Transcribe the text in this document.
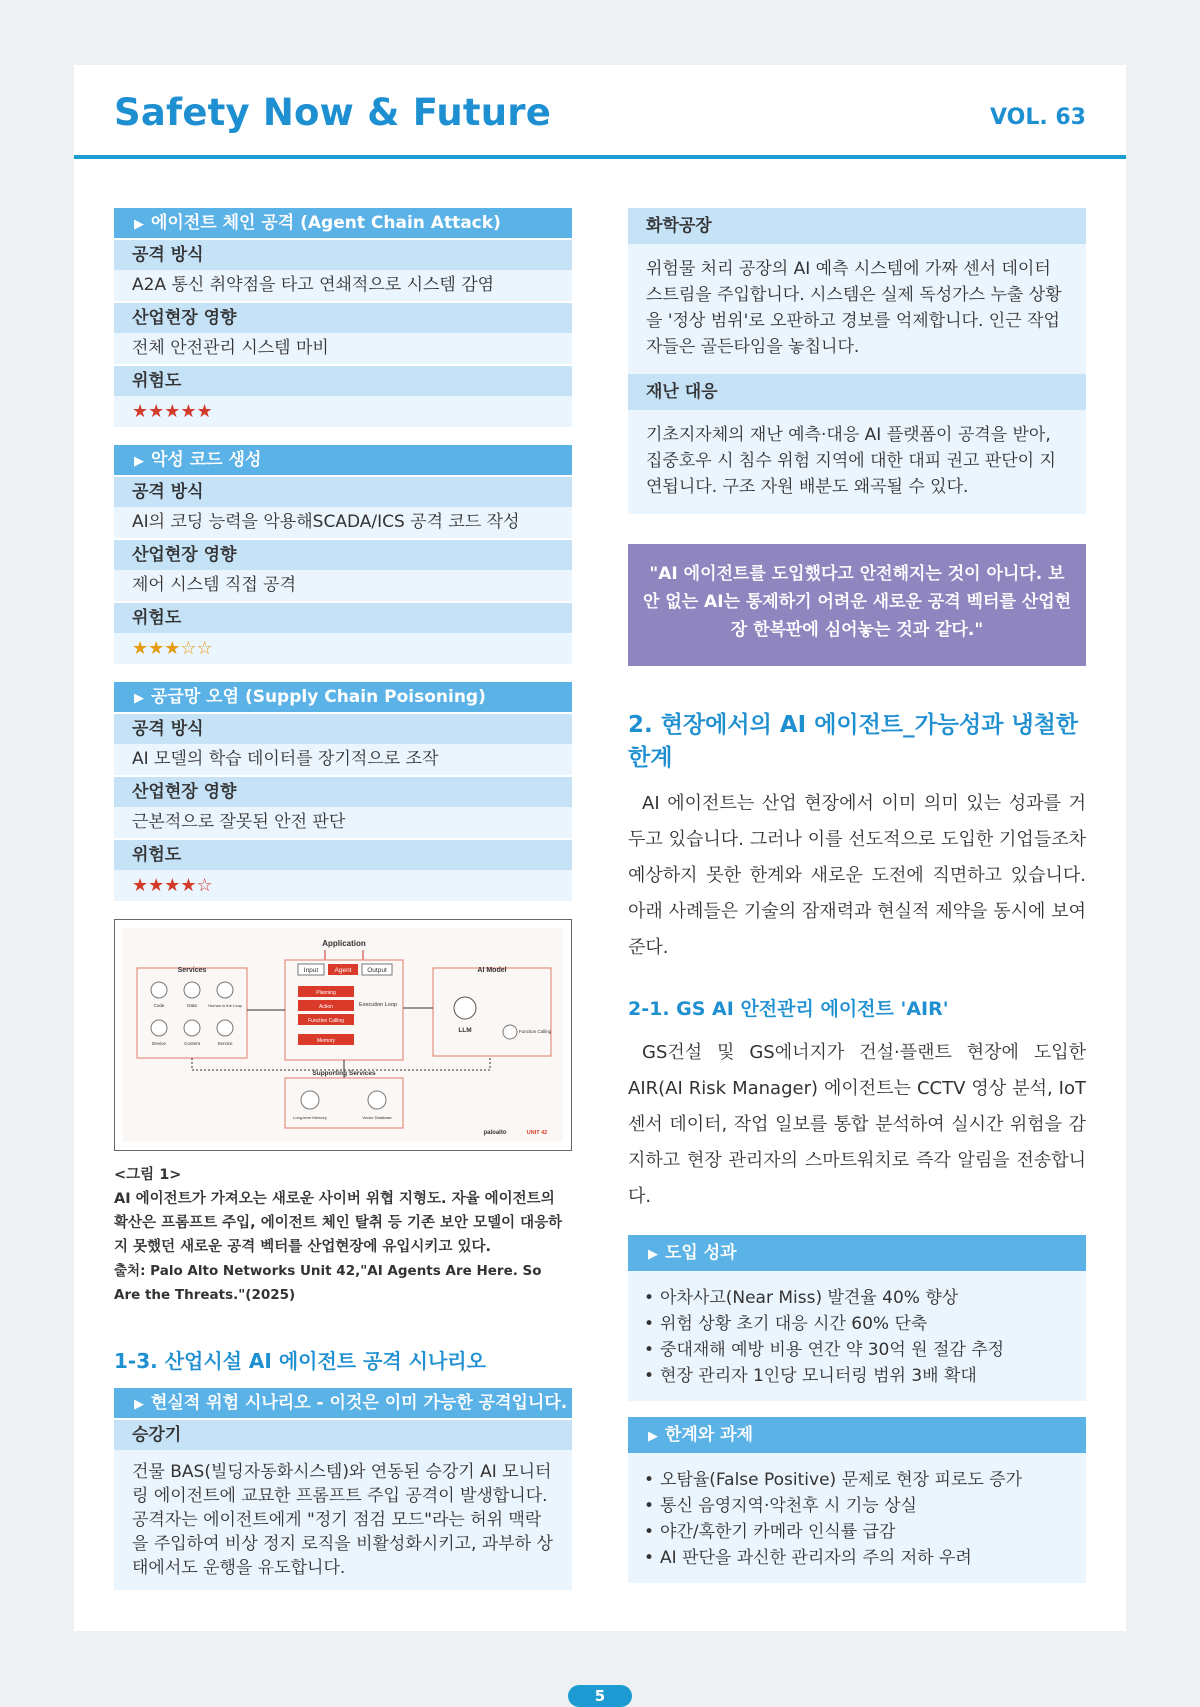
Safety Now & Future	VOL. 63
▶ 에이전트 체인 공격 (Agent Chain Attack)
공격 방식
A2A 통신 취약점을 타고 연쇄적으로 시스템 감염
산업현장 영향
전체 안전관리 시스템 마비
위험도
★★★★★
▶ 악성 코드 생성
공격 방식
AI의 코딩 능력을 악용해SCADA/ICS 공격 코드 작성
산업현장 영향
제어 시스템 직접 공격
위험도
★★★☆☆
▶ 공급망 오염 (Supply Chain Poisoning)
공격 방식
AI 모델의 학습 데이터를 장기적으로 조작
산업현장 영향
근본적으로 잘못된 안전 판단
위험도
★★★★☆
Application
Services
Code	Data	Human in the Loop
Device	Content	Service
Input	Agent Output
Planning
Action
Function Calling
Memory
Execution Loop
AI Model
LLM	Function Calling
Supporting Services
Long-term Memory	Vector Database
paloalto	UNIT 42
<그림 1>
AI 에이전트가 가져오는 새로운 사이버 위협 지형도. 자율 에이전트의 확산은 프롬프트 주입, 에이전트 체인 탈취 등 기존 보안 모델이 대응하지 못했던 새로운 공격 벡터를 산업현장에 유입시키고 있다.
출처: Palo Alto Networks Unit 42,"AI Agents Are Here. So Are the Threats."(2025)
1-3. 산업시설 AI 에이전트 공격 시나리오
▶ 현실적 위험 시나리오 - 이것은 이미 가능한 공격입니다.
승강기
건물 BAS(빌딩자동화시스템)와 연동된 승강기 AI 모니터링 에이전트에 교묘한 프롬프트 주입 공격이 발생합니다. 공격자는 에이전트에게 "정기 점검 모드"라는 허위 맥락을 주입하여 비상 정지 로직을 비활성화시키고, 과부하 상태에서도 운행을 유도합니다.
화학공장
위험물 처리 공장의 AI 예측 시스템에 가짜 센서 데이터 스트림을 주입합니다. 시스템은 실제 독성가스 누출 상황을 '정상 범위'로 오판하고 경보를 억제합니다. 인근 작업자들은 골든타임을 놓칩니다.
재난 대응
기초지자체의 재난 예측·대응 AI 플랫폼이 공격을 받아, 집중호우 시 침수 위험 지역에 대한 대피 권고 판단이 지연됩니다. 구조 자원 배분도 왜곡될 수 있다.
"AI 에이전트를 도입했다고 안전해지는 것이 아니다. 보안 없는 AI는 통제하기 어려운 새로운 공격 벡터를 산업현장 한복판에 심어놓는 것과 같다."
2. 현장에서의 AI 에이전트_가능성과 냉철한 한계

AI 에이전트는 산업 현장에서 이미 의미 있는 성과를 거두고 있습니다. 그러나 이를 선도적으로 도입한 기업들조차 예상하지 못한 한계와 새로운 도전에 직면하고 있습니다. 아래 사례들은 기술의 잠재력과 현실적 제약을 동시에 보여준다.

2-1. GS AI 안전관리 에이전트 'AIR'

GS건설 및 GS에너지가 건설·플랜트 현장에 도입한 AIR(AI Risk Manager) 에이전트는 CCTV 영상 분석, IoT 센서 데이터, 작업 일보를 통합 분석하여 실시간 위험을 감지하고 현장 관리자의 스마트워치로 즉각 알림을 전송합니다.

▶ 도입 성과
• 아차사고(Near Miss) 발견율 40% 향상
• 위험 상황 초기 대응 시간 60% 단축
• 중대재해 예방 비용 연간 약 30억 원 절감 추정
• 현장 관리자 1인당 모니터링 범위 3배 확대
▶ 한계와 과제
• 오탐율(False Positive) 문제로 현장 피로도 증가
• 통신 음영지역·악천후 시 기능 상실
• 야간/혹한기 카메라 인식률 급감
• AI 판단을 과신한 관리자의 주의 저하 우려
5
